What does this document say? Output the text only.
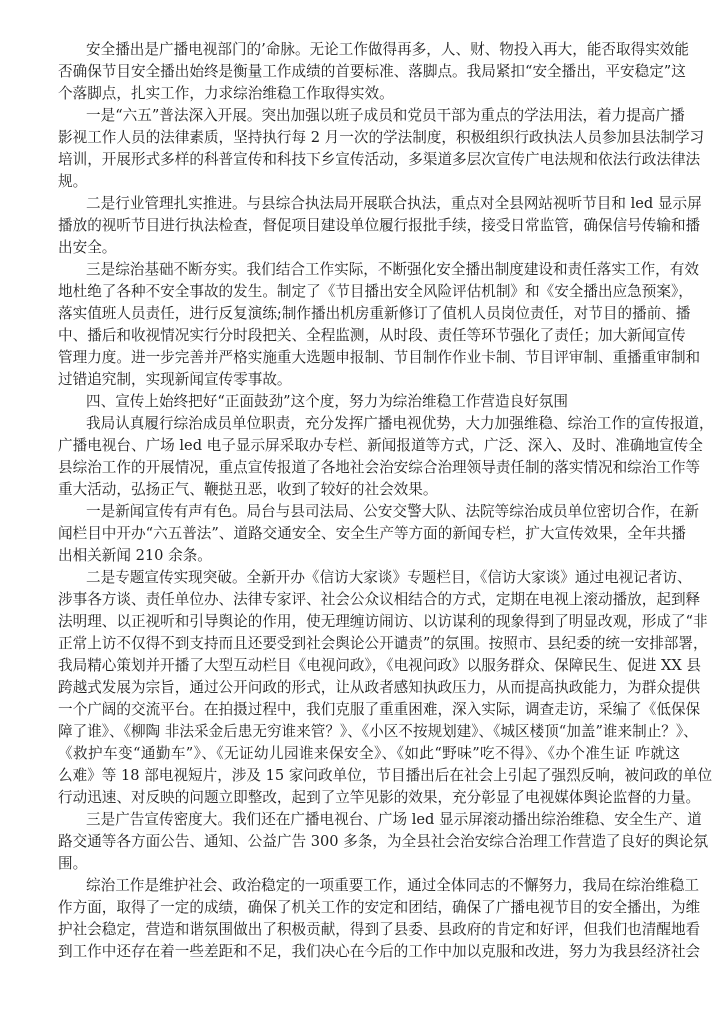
安全播出是广播电视部门的’命脉。无论工作做得再多，人、财、物投入再大，能否取得实效能
否确保节目安全播出始终是衡量工作成绩的首要标准、落脚点。我局紧扣“安全播出，平安稳定”这
个落脚点，扎实工作，力求综治维稳工作取得实效。
一是“六五”普法深入开展。突出加强以班子成员和党员干部为重点的学法用法，着力提高广播
影视工作人员的法律素质，坚持执行每 2 月一次的学法制度，积极组织行政执法人员参加县法制学习
培训，开展形式多样的科普宣传和科技下乡宣传活动，多渠道多层次宣传广电法规和依法行政法律法
规。
二是行业管理扎实推进。与县综合执法局开展联合执法，重点对全县网站视听节目和 led 显示屏
播放的视听节目进行执法检查，督促项目建设单位履行报批手续，接受日常监管，确保信号传输和播
出安全。
三是综治基础不断夯实。我们结合工作实际，不断强化安全播出制度建设和责任落实工作，有效
地杜绝了各种不安全事故的发生。制定了《节目播出安全风险评估机制》和《安全播出应急预案》，
落实值班人员责任，进行反复演练;制作播出机房重新修订了值机人员岗位责任，对节目的播前、播
中、播后和收视情况实行分时段把关、全程监测，从时段、责任等环节强化了责任；加大新闻宣传
管理力度。进一步完善并严格实施重大选题申报制、节目制作作业卡制、节目评审制、重播重审制和
过错追究制，实现新闻宣传零事故。
四、宣传上始终把好“正面鼓劲”这个度，努力为综治维稳工作营造良好氛围
我局认真履行综治成员单位职责，充分发挥广播电视优势，大力加强维稳、综治工作的宣传报道，
广播电视台、广场 led 电子显示屏采取办专栏、新闻报道等方式，广泛、深入、及时、准确地宣传全
县综治工作的开展情况，重点宣传报道了各地社会治安综合治理领导责任制的落实情况和综治工作等
重大活动，弘扬正气、鞭挞丑恶，收到了较好的社会效果。
一是新闻宣传有声有色。局台与县司法局、公安交警大队、法院等综治成员单位密切合作，在新
闻栏目中开办“六五普法”、道路交通安全、安全生产等方面的新闻专栏，扩大宣传效果，全年共播
出相关新闻 210 余条。
二是专题宣传实现突破。全新开办《信访大家谈》专题栏目，《信访大家谈》通过电视记者访、
涉事各方谈、责任单位办、法律专家评、社会公众议相结合的方式，定期在电视上滚动播放，起到释
法明理、以正视听和引导舆论的作用，使无理缠访闹访、以访谋利的现象得到了明显改观，形成了“非
正常上访不仅得不到支持而且还要受到社会舆论公开谴责”的氛围。按照市、县纪委的统一安排部署，
我局精心策划并开播了大型互动栏目《电视问政》，《电视问政》以服务群众、保障民生、促进 XX 县
跨越式发展为宗旨，通过公开问政的形式，让从政者感知执政压力，从而提高执政能力，为群众提供
一个广阔的交流平台。在拍摄过程中，我们克服了重重困难，深入实际，调查走访，采编了《低保保
障了谁》、《柳陶 非法采金后患无穷谁来管？》、《小区不按规划建》、《城区楼顶“加盖”谁来制止？》、
《救护车变“通勤车”》、《无证幼儿园谁来保安全》、《如此“野味”吃不得》、《办个准生证 咋就这
么难》等 18 部电视短片，涉及 15 家问政单位，节目播出后在社会上引起了强烈反响，被问政的单位
行动迅速、对反映的问题立即整改，起到了立竿见影的效果，充分彰显了电视媒体舆论监督的力量。
三是广告宣传密度大。我们还在广播电视台、广场 led 显示屏滚动播出综治维稳、安全生产、道
路交通等各方面公告、通知、公益广告 300 多条，为全县社会治安综合治理工作营造了良好的舆论氛
围。
综治工作是维护社会、政治稳定的一项重要工作，通过全体同志的不懈努力，我局在综治维稳工
作方面，取得了一定的成绩，确保了机关工作的安定和团结，确保了广播电视节目的安全播出，为维
护社会稳定，营造和谐氛围做出了积极贡献，得到了县委、县政府的肯定和好评，但我们也清醒地看
到工作中还存在着一些差距和不足，我们决心在今后的工作中加以克服和改进，努力为我县经济社会
